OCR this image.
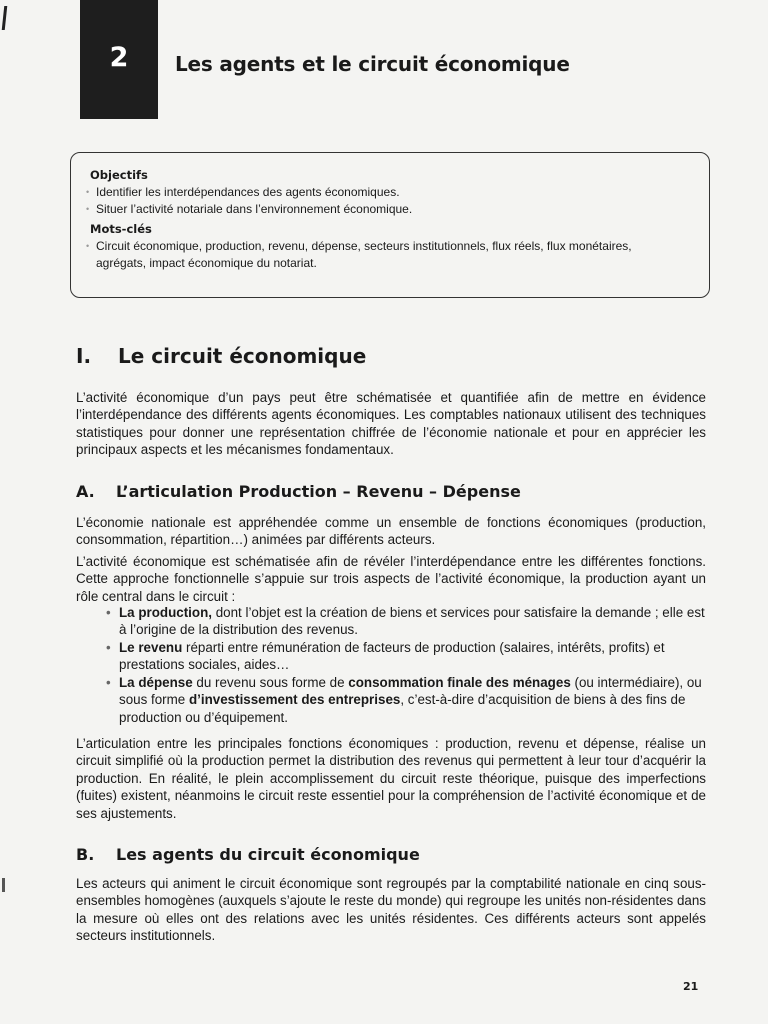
2 Les agents et le circuit économique
Objectifs
• Identifier les interdépendances des agents économiques.
• Situer l’activité notariale dans l’environnement économique.
Mots-clés
• Circuit économique, production, revenu, dépense, secteurs institutionnels, flux réels, flux monétaires,
agrégats, impact économique du notariat.
I. Le circuit économique
L’activité économique d’un pays peut être schématisée et quantifiée afin de mettre en évidence l’interdépendance des différents agents économiques. Les comptables nationaux utilisent des techniques statistiques pour donner une représentation chiffrée de l’économie nationale et pour en apprécier les principaux aspects et les mécanismes fondamentaux.
A. L’articulation Production – Revenu – Dépense
L’économie nationale est appréhendée comme un ensemble de fonctions économiques (production, consommation, répartition…) animées par différents acteurs.
L’activité économique est schématisée afin de révéler l’interdépendance entre les différentes fonctions. Cette approche fonctionnelle s’appuie sur trois aspects de l’activité économique, la production ayant un rôle central dans le circuit :
• La production, dont l’objet est la création de biens et services pour satisfaire la demande ; elle est à l’origine de la distribution des revenus.
• Le revenu réparti entre rémunération de facteurs de production (salaires, intérêts, profits) et prestations sociales, aides…
• La dépense du revenu sous forme de consommation finale des ménages (ou intermédiaire), ou sous forme d’investissement des entreprises, c’est-à-dire d’acquisition de biens à des fins de production ou d’équipement.
L’articulation entre les principales fonctions économiques : production, revenu et dépense, réalise un circuit simplifié où la production permet la distribution des revenus qui permettent à leur tour d’acquérir la production. En réalité, le plein accomplissement du circuit reste théorique, puisque des imperfections (fuites) existent, néanmoins le circuit reste essentiel pour la compréhension de l’activité économique et de ses ajustements.
B. Les agents du circuit économique
Les acteurs qui animent le circuit économique sont regroupés par la comptabilité nationale en cinq sous-ensembles homogènes (auxquels s’ajoute le reste du monde) qui regroupe les unités non-résidentes dans la mesure où elles ont des relations avec les unités résidentes. Ces différents acteurs sont appelés secteurs institutionnels.
21
